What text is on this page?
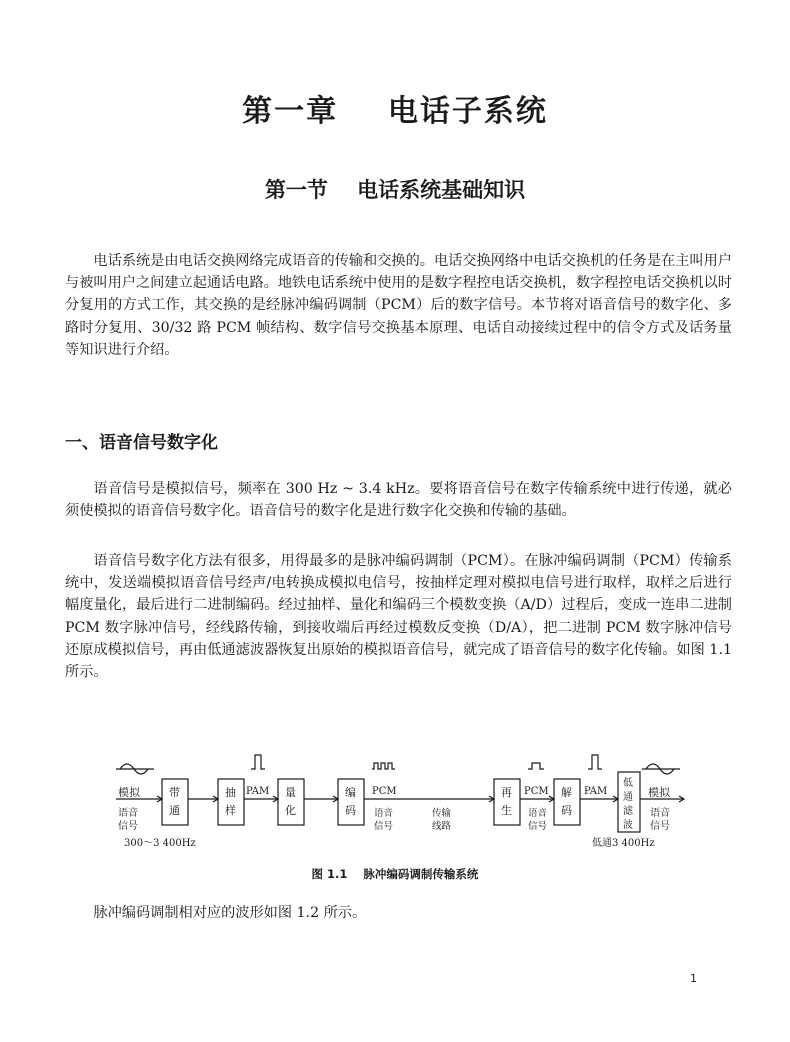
第一章    电话子系统
第一节    电话系统基础知识

电话系统是由电话交换网络完成语音的传输和交换的。电话交换网络中电话交换机的任务是在主叫用户与被叫用户之间建立起通话电路。地铁电话系统中使用的是数字程控电话交换机，数字程控电话交换机以时分复用的方式工作，其交换的是经脉冲编码调制（PCM）后的数字信号。本节将对语音信号的数字化、多路时分复用、30/32 路 PCM 帧结构、数字信号交换基本原理、电话自动接续过程中的信令方式及话务量等知识进行介绍。

一、语音信号数字化

语音信号是模拟信号，频率在 300 Hz ~ 3.4 kHz。要将语音信号在数字传输系统中进行传递，就必须使模拟的语音信号数字化。语音信号的数字化是进行数字化交换和传输的基础。

语音信号数字化方法有很多，用得最多的是脉冲编码调制（PCM）。在脉冲编码调制（PCM）传输系统中，发送端模拟语音信号经声/电转换成模拟电信号，按抽样定理对模拟电信号进行取样，取样之后进行幅度量化，最后进行二进制编码。经过抽样、量化和编码三个模数变换（A/D）过程后，变成一连串二进制 PCM 数字脉冲信号，经线路传输，到接收端后再经过模数反变换（D/A），把二进制 PCM 数字脉冲信号还原成模拟信号，再由低通滤波器恢复出原始的模拟语音信号，就完成了语音信号的数字化传输。如图 1.1 所示。

模拟
语音
信号
300～3 400Hz
带
通
抽
样
量
化
编
码
再
生
解
码
低
通
滤
波
PAM	PCM
语音
信号
传输
线路
PCM
语音
信号
PAM	模拟
语音
信号
低通3 400Hz

图 1.1    脉冲编码调制传输系统

脉冲编码调制相对应的波形如图 1.2 所示。

1
